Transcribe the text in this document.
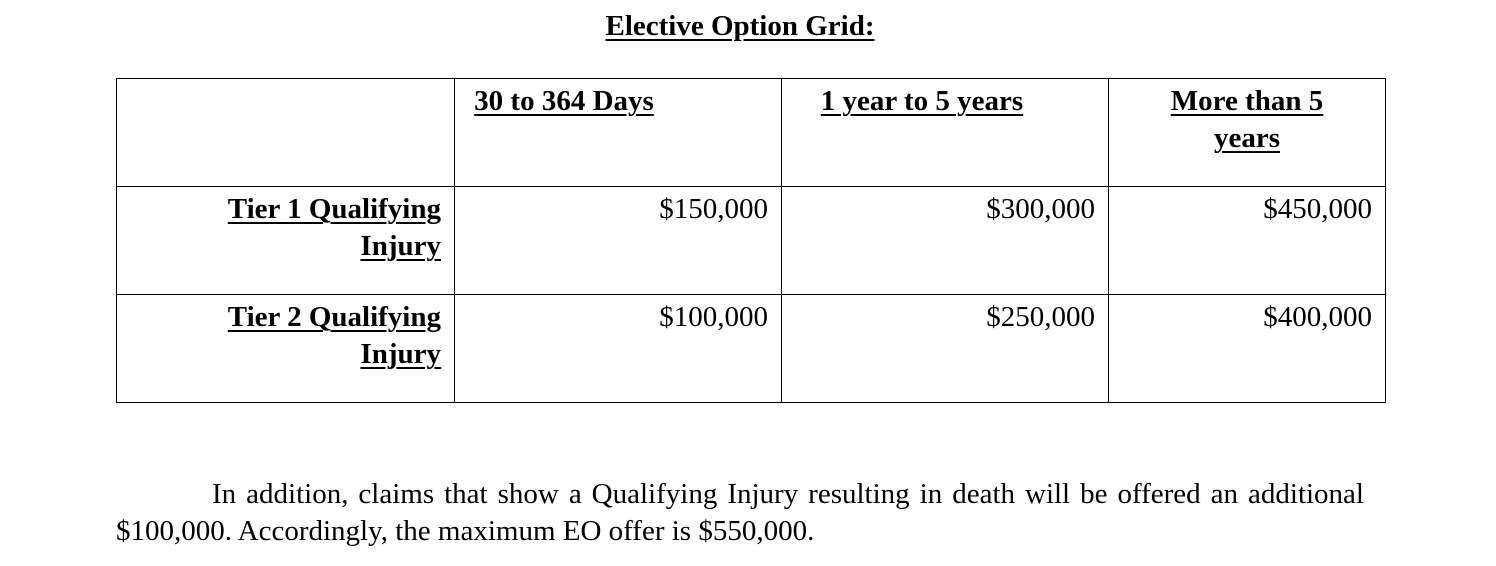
Elective Option Grid:
	30 to 364 Days	1 year to 5 years	More than 5
years
Tier 1 Qualifying
Injury	$150,000	$300,000	$450,000
Tier 2 Qualifying
Injury	$100,000	$250,000	$400,000
In addition, claims that show a Qualifying Injury resulting in death will be offered an additional $100,000. Accordingly, the maximum EO offer is $550,000.
